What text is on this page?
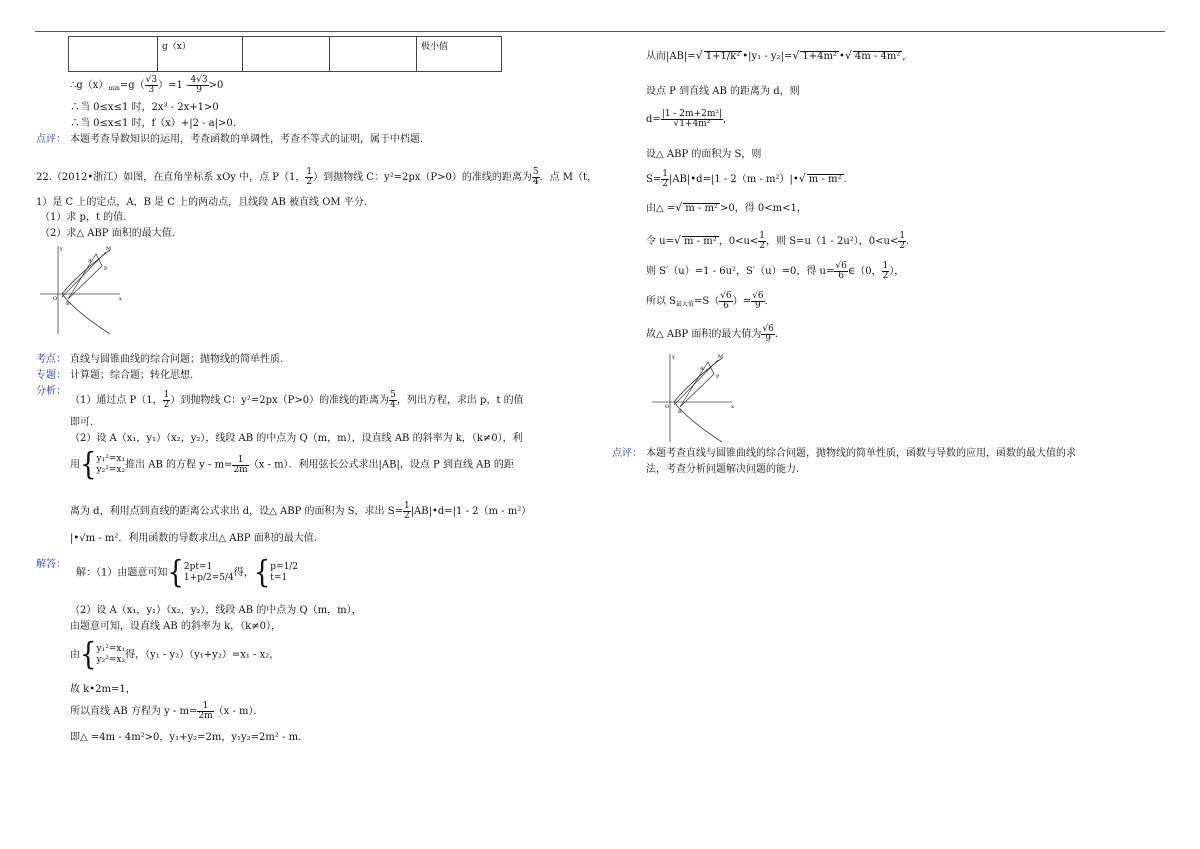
	g（x）			极小值
$\therefore g(x)_{min}=g( \frac{√3}{3} )=1 - \frac{4√3}{9} >0$
∴当 0≤x≤1 时，2x³ - 2x+1>0
∴当 0≤x≤1 时，f（x）+|2 - a|>0.
点评： 本题考查导数知识的运用，考查函数的单调性，考查不等式的证明，属于中档题.
22.（2012•浙江）如图，在直角坐标系 xOy 中，点 P（1， $\frac{1}{2}$ ）到抛物线 C：y²=2px（P>0）的准线的距离为 $\frac{5}{4}$ ．点 M（t，
1）是 C 上的定点，A，B 是 C 上的两动点，且线段 AB 被直线 OM 平分.
（1）求 p，t 的值.
（2）求△ ABP 面积的最大值.
x
y
O
P
M
A
B
考点： 直线与圆锥曲线的综合问题；抛物线的简单性质.
专题： 计算题；综合题；转化思想.
分析：
（1）通过点 P（1， $\frac{1}{2}$ ）到抛物线 C：y²=2px（P>0）的准线的距离为 $\frac{5}{4}$ ，列出方程，求出 p，t 的值
即可.
（2）设 A（x₁，y₁）（x₂，y₂），线段 AB 的中点为 Q（m，m），设直线 AB 的斜率为 k，（k≠0），利
用{y₁²=x₁
y₂²=x₂推出 AB 的方程 $y - m= \frac{1}{2m} (x - m)$．利用弦长公式求出|AB|，设点 P 到直线 AB 的距
离为 d，利用点到直线的距离公式求出 d，设△ ABP 的面积为 S，求出 $S= \frac{1}{2}$ |AB|•d=|1 - 2（m - m²）
|•√m - m²．利用函数的导数求出△ ABP 面积的最大值.
解答：
解：（1）由题意可知{2pt=1
1+p/2=5/4得，{p=1/2
t=1
（2）设 A（x₁，y₁）（x₂，y₂），线段 AB 的中点为 Q（m，m），
由题意可知，设直线 AB 的斜率为 k，（k≠0），
由{y₁²=x₁
y₂²=x₂得，（y₁ - y₂）（y₁+y₂）=x₁ - x₂，
故 k•2m=1，
所以直线 AB 方程为 $y - m= \frac{1}{2m} (x - m)$．
即△ =4m - 4m²>0，y₁+y₂=2m，y₁y₂=2m² - m.
从而|AB|=√ 1+1/k² •|y₁ - y₂|=√ 1+4m² •√ 4m - 4m² ,
设点 P 到直线 AB 的距离为 d，则
$d= \frac{\text{|1 - 2m+2m²|}}{\text{√1+4m²}}$ ,
设△ ABP 的面积为 S，则
$S= \frac{1}{2}$ |AB|•d=|1 - 2（m - m²）|•√ m - m² .
由△ =√ m - m² >0，得 0<m<1，
令 u=√ m - m² ，$0<u< \frac{1}{2}$ ，则 S=u（1 - 2u²），$0<u< \frac{1}{2}$ .
则 S′（u）=1 - 6u²，S′（u）=0，得 $u= \frac{√6}{6}$ ∈（0， $\frac{1}{2}$ ），
所以 $S_{最大值}=S( \frac{√6}{6}$ ）= $\frac{√6}{9}$ .
故△ ABP 面积的最大值为 $\frac{√6}{9}$ .
x
y
O
P
M
A
B
点评： 本题考查直线与圆锥曲线的综合问题，抛物线的简单性质，函数与导数的应用，函数的最大值的求
法，考查分析问题解决问题的能力.
